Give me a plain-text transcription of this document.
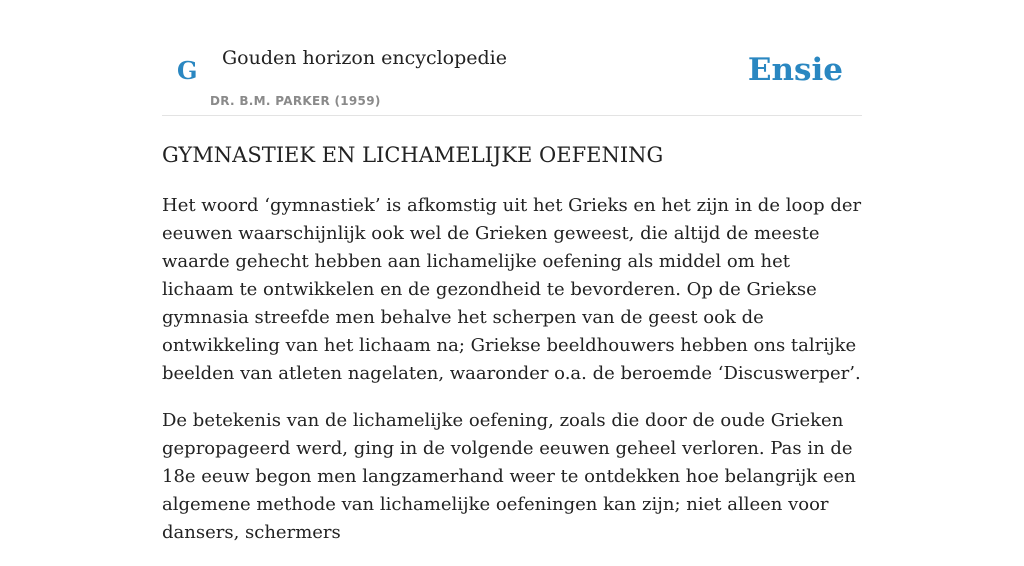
G Gouden horizon encyclopedie
DR. B.M. PARKER (1959)
Ensie
GYMNASTIEK EN LICHAMELIJKE OEFENING

Het woord ‘gymnastiek’ is afkomstig uit het Grieks en het zijn in de loop der eeuwen waarschijnlijk ook wel de Grieken geweest, die altijd de meeste waarde gehecht hebben aan lichamelijke oefening als middel om het lichaam te ontwikkelen en de gezondheid te bevorderen. Op de Griekse gymnasia streefde men behalve het scherpen van de geest ook de ontwikkeling van het lichaam na; Griekse beeldhouwers hebben ons talrijke beelden van atleten nagelaten, waaronder o.a. de beroemde ‘Discuswerper’.

De betekenis van de lichamelijke oefening, zoals die door de oude Grieken gepropageerd werd, ging in de volgende eeuwen geheel verloren. Pas in de 18e eeuw begon men langzamerhand weer te ontdekken hoe belangrijk een algemene methode van lichamelijke oefeningen kan zijn; niet alleen voor dansers, schermers
